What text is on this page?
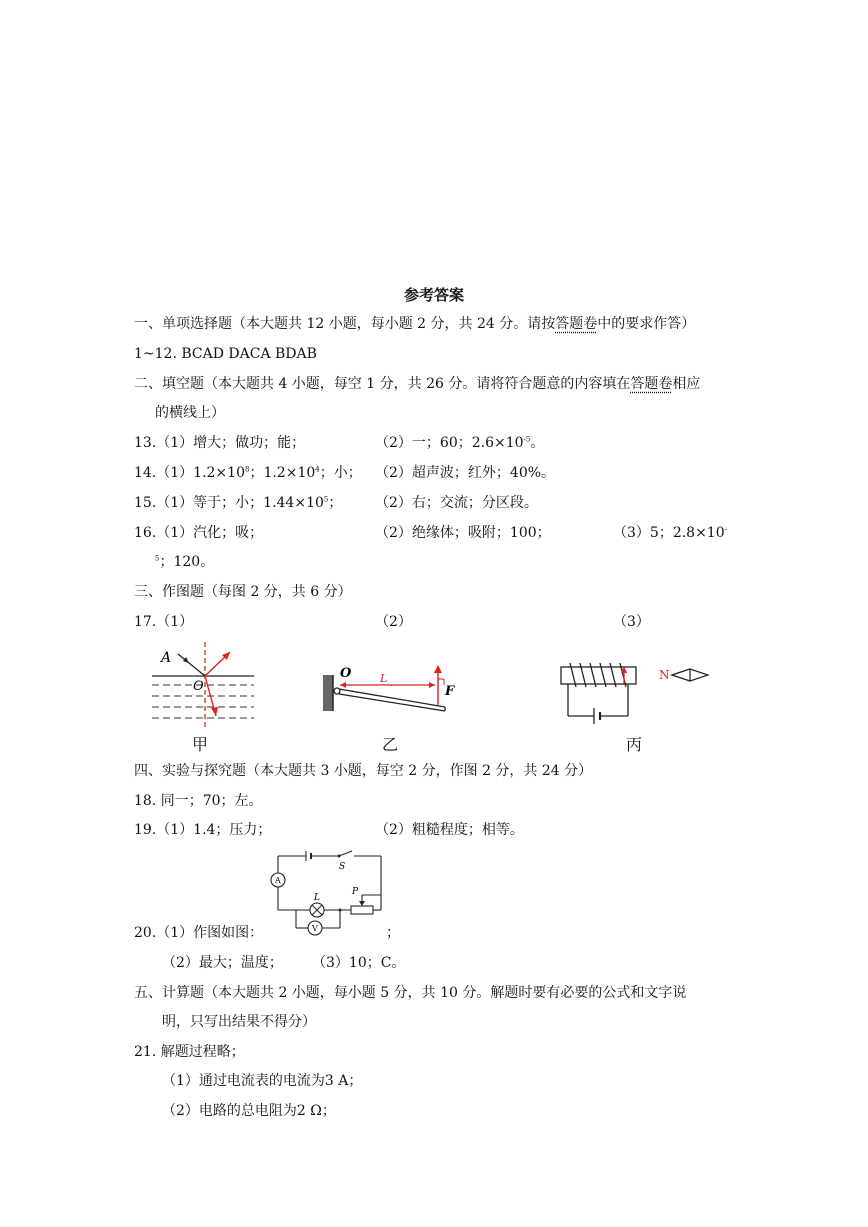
参考答案
一、单项选择题（本大题共 12 小题，每小题 2 分，共 24 分。请按答题卷中的要求作答）
1~12. BCAD DACA BDAB
二、填空题（本大题共 4 小题，每空 1 分，共 26 分。请将符合题意的内容填在答题卷相应
的横线上）
13.（1）增大；做功；能；	（2）一；60；$2.6\times 10^{-5}$。
$14.(1)1.2\times 10^8$；$1.2\times 10^4$；小； （2）超声波；红外；40%。
15.（1）等于；小；$1.44\times 10^5$； （2）右；交流；分区段。
16.（1）汽化；吸；	（2）绝缘体；吸附；100；	（3）5；2.8×10-
$^5$；120。
三、作图题（每图 2 分，共 6 分）
17.（1）	（2）	（3）
A
O
甲
O	L
F
乙
N
丙
四、实验与探究题（本大题共 3 小题，每空 2 分，作图 2 分，共 24 分）
18. 同一；70；左。
19.（1）1.4；压力；	（2）粗糙程度；相等。
S
A
L
V
P
20.（1）作图如图：	；
（2）最大；温度； （3）10；C。
五、计算题（本大题共 2 小题，每小题 5 分，共 10 分。解题时要有必要的公式和文字说
明，只写出结果不得分）
21. 解题过程略；
（1）通过电流表的电流为3 A；
（2）电路的总电阻为2 Ω；
